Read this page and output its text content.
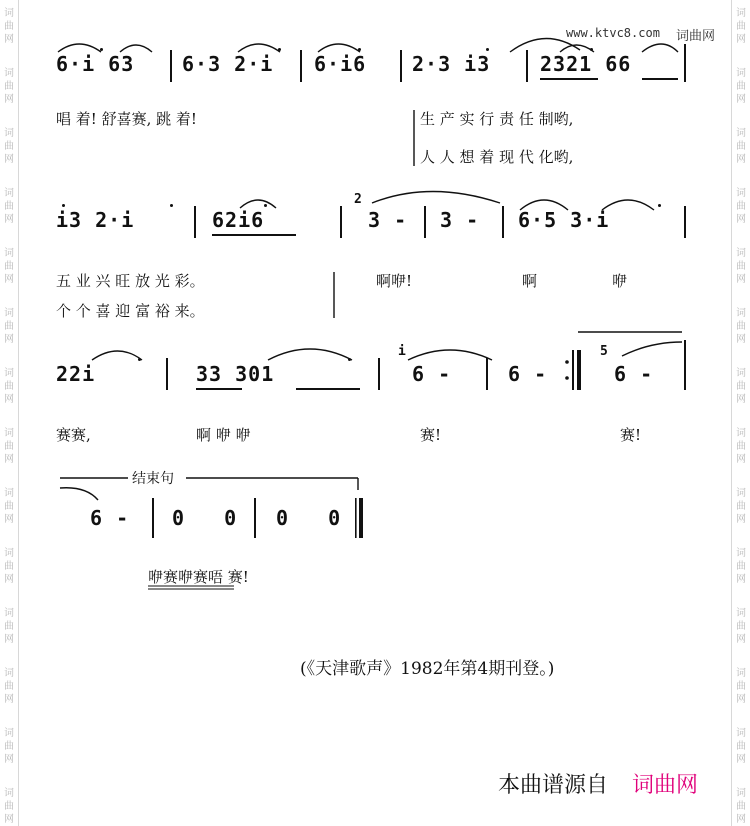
词
曲
网
词
曲
网
词
曲
网
词
曲
网
词
曲
网
词
曲
网
词
曲
网
词
曲
网
词
曲
网
词
曲
网
词
曲
网
词
曲
网
词
曲
网
词
曲
网
词
曲
网
词
曲
网
词
曲
网
词
曲
网
词
曲
网
词
曲
网
词
曲
网
词
曲
网
词
曲
网
词
曲
网
词
曲
网
词
曲
网
词
曲
网
词
曲
网
www.ktvc8.com 词曲网
6·i 63 6·3 2·i 6·i6 2·3 i3 2321 66
唱 着! 舒喜赛, 跳 着!	生 产 实 行 责 任 制哟,
人 人 想 着 现 代 化哟,
i3 2·i	62i6
2
3 - 3 - 6·5 3·i
五 业 兴 旺 放 光 彩。
个 个 喜 迎 富 裕 来。
啊咿!	啊	咿
22i	33 301
i
6 -	6 -
5
6 -
赛赛,	啊 咿 咿	赛!	赛!
结束句
6 - 0 0 0 0
咿赛咿赛唔 赛!
(《天津歌声》1982年第4期刊登。)
本曲谱源自 词曲网
